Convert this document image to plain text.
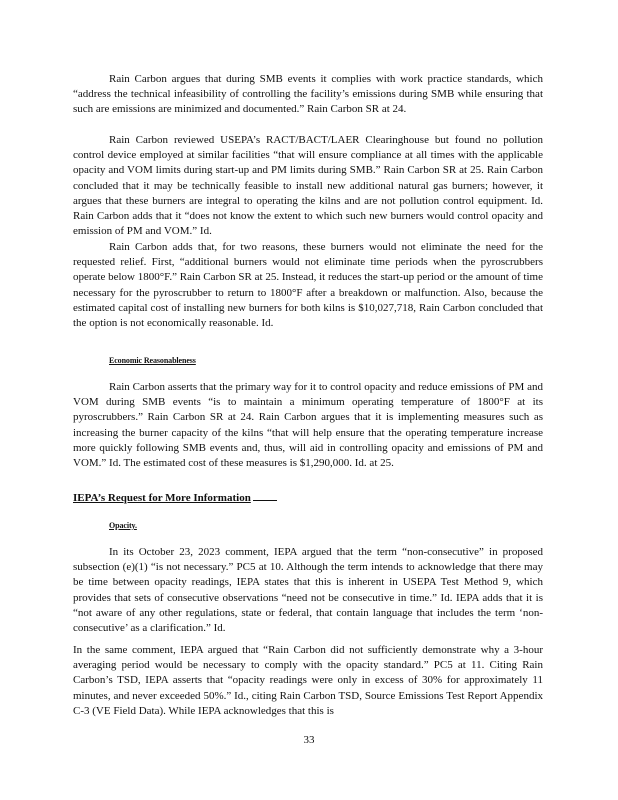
Rain Carbon argues that during SMB events it complies with work practice standards, which “address the technical infeasibility of controlling the facility’s emissions during SMB while ensuring that such are emissions are minimized and documented.” Rain Carbon SR at 24.

Rain Carbon reviewed USEPA’s RACT/BACT/LAER Clearinghouse but found no pollution control device employed at similar facilities “that will ensure compliance at all times with the applicable opacity and VOM limits during start-up and PM limits during SMB.” Rain Carbon SR at 25. Rain Carbon concluded that it may be technically feasible to install new additional natural gas burners; however, it argues that these burners are integral to operating the kilns and are not pollution control equipment. Id. Rain Carbon adds that it “does not know the extent to which such new burners would control opacity and emission of PM and VOM.” Id.

Rain Carbon adds that, for two reasons, these burners would not eliminate the need for the requested relief. First, “additional burners would not eliminate time periods when the pyroscrubbers operate below 1800°F.” Rain Carbon SR at 25. Instead, it reduces the start-up period or the amount of time necessary for the pyroscrubber to return to 1800°F after a breakdown or malfunction. Also, because the estimated capital cost of installing new burners for both kilns is $10,027,718, Rain Carbon concluded that the option is not economically reasonable. Id.

Economic Reasonableness

Rain Carbon asserts that the primary way for it to control opacity and reduce emissions of PM and VOM during SMB events “is to maintain a minimum operating temperature of 1800°F at its pyroscrubbers.” Rain Carbon SR at 24. Rain Carbon argues that it is implementing measures such as increasing the burner capacity of the kilns “that will help ensure that the operating temperature increase more quickly following SMB events and, thus, will aid in controlling opacity and emissions of PM and VOM.” Id. The estimated cost of these measures is $1,290,000. Id. at 25.

IEPA’s Request for More Information

Opacity.

In its October 23, 2023 comment, IEPA argued that the term “non-consecutive” in proposed subsection (e)(1) “is not necessary.” PC5 at 10. Although the term intends to acknowledge that there may be time between opacity readings, IEPA states that this is inherent in USEPA Test Method 9, which provides that sets of consecutive observations “need not be consecutive in time.” Id. IEPA adds that it is “not aware of any other regulations, state or federal, that contain language that includes the term ‘non-consecutive’ as a clarification.” Id.

In the same comment, IEPA argued that “Rain Carbon did not sufficiently demonstrate why a 3-hour averaging period would be necessary to comply with the opacity standard.” PC5 at 11. Citing Rain Carbon’s TSD, IEPA asserts that “opacity readings were only in excess of 30% for approximately 11 minutes, and never exceeded 50%.” Id., citing Rain Carbon TSD, Source Emissions Test Report Appendix C-3 (VE Field Data). While IEPA acknowledges that this is

33
